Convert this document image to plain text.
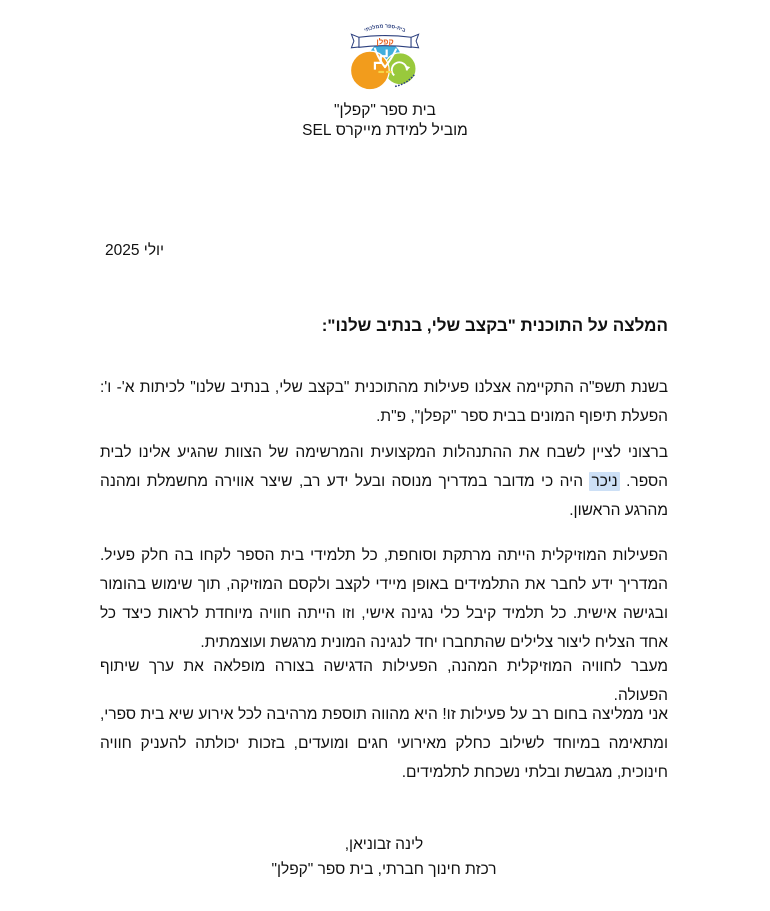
בית-ספר ממלכתי
קפלן
בית ספר "קפלן"
מוביל למידת מייקרס SEL
יולי 2025
המלצה על התוכנית "בקצב שלי, בנתיב שלנו":

בשנת תשפ"ה התקיימה אצלנו פעילות מהתוכנית "בקצב שלי, בנתיב שלנו" לכיתות א'- ו': הפעלת תיפוף המונים בבית ספר "קפלן", פ"ת.

ברצוני לציין לשבח את ההתנהלות המקצועית והמרשימה של הצוות שהגיע אלינו לבית הספר. ניכר היה כי מדובר במדריך מנוסה ובעל ידע רב, שיצר אווירה מחשמלת ומהנה מהרגע הראשון.

הפעילות המוזיקלית הייתה מרתקת וסוחפת, כל תלמידי בית הספר לקחו בה חלק פעיל. המדריך ידע לחבר את התלמידים באופן מיידי לקצב ולקסם המוזיקה, תוך שימוש בהומור ובגישה אישית. כל תלמיד קיבל כלי נגינה אישי, וזו הייתה חוויה מיוחדת לראות כיצד כל אחד הצליח ליצור צלילים שהתחברו יחד לנגינה המונית מרגשת ועוצמתית.

מעבר לחוויה המוזיקלית המהנה, הפעילות הדגישה בצורה מופלאה את ערך שיתוף הפעולה.

אני ממליצה בחום רב על פעילות זו! היא מהווה תוספת מרהיבה לכל אירוע שיא בית ספרי, ומתאימה במיוחד לשילוב כחלק מאירועי חגים ומועדים, בזכות יכולתה להעניק חוויה חינוכית, מגבשת ובלתי נשכחת לתלמידים.

לינה זבוניאן,
רכזת חינוך חברתי, בית ספר "קפלן"
